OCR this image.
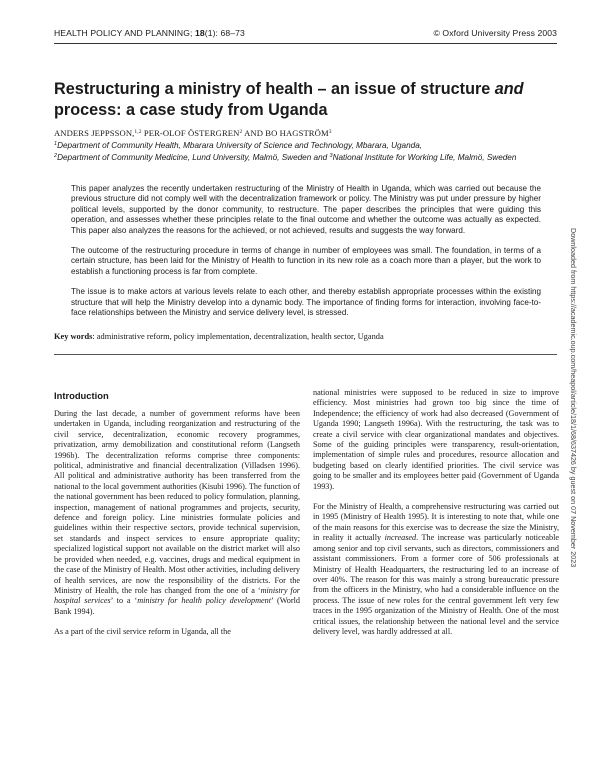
HEALTH POLICY AND PLANNING; 18(1): 68–73	© Oxford University Press 2003
Restructuring a ministry of health – an issue of structure and
process: a case study from Uganda
ANDERS JEPPSSON,$^{1,2}$ PER-OLOF ÖSTERGREN$^2$ AND BO HAGSTRÖM$^3$
$^1$Department of Community Health, Mbarara University of Science and Technology, Mbarara, Uganda,
$^2$Department of Community Medicine, Lund University, Malmö, Sweden and $^3$National Institute for Working Life, Malmö, Sweden

This paper analyzes the recently undertaken restructuring of the Ministry of Health in Uganda, which was carried out because the previous structure did not comply well with the decentralization framework or policy. The Ministry was put under pressure by higher political levels, supported by the donor community, to restructure. The paper describes the principles that were guiding this operation, and assesses whether these principles relate to the final outcome and whether the outcome was actually as expected. This paper also analyzes the reasons for the achieved, or not achieved, results and suggests the way forward.

The outcome of the restructuring procedure in terms of change in number of employees was small. The foundation, in terms of a certain structure, has been laid for the Ministry of Health to function in its new role as a coach more than a player, but the work to establish a functioning process is far from complete.

The issue is to make actors at various levels relate to each other, and thereby establish appropriate processes within the existing structure that will help the Ministry develop into a dynamic body. The importance of finding forms for interaction, involving face-to-face relationships between the Ministry and service delivery level, is stressed.

Key words: administrative reform, policy implementation, decentralization, health sector, Uganda
Introduction

During the last decade, a number of government reforms have been undertaken in Uganda, including reorganization and restructuring of the civil service, decentralization, economic recovery programmes, privatization, army demobilization and constitutional reform (Langseth 1996b). The decentralization reforms comprise three components: political, administrative and financial decentralization (Villadsen 1996). All political and administrative authority has been transferred from the national to the local government authorities (Kisubi 1996). The function of the national government has been reduced to policy formulation, planning, inspection, management of national programmes and projects, security, defence and foreign policy. Line ministries formulate policies and guidelines within their respective sectors, provide technical supervision, set standards and inspect services to ensure appropriate quality; specialized logistical support not available on the district market will also be provided when needed, e.g. vaccines, drugs and medical equipment in the case of the Ministry of Health. Most other activities, including delivery of health services, are now the responsibility of the districts. For the Ministry of Health, the role has changed from the one of a ‘ministry for hospital services’ to a ‘ministry for health policy development’ (World Bank 1994).

As a part of the civil service reform in Uganda, all the

national ministries were supposed to be reduced in size to improve efficiency. Most ministries had grown too big since the time of Independence; the efficiency of work had also decreased (Government of Uganda 1990; Langseth 1996a). With the restructuring, the task was to create a civil service with clear organizational mandates and objectives. Some of the guiding principles were transparency, result-orientation, implementation of simple rules and procedures, resource allocation and budgeting based on clearly identified priorities. The civil service was going to be smaller and its employees better paid (Government of Uganda 1993).

For the Ministry of Health, a comprehensive restructuring was carried out in 1995 (Ministry of Health 1995). It is interesting to note that, while one of the main reasons for this exercise was to decrease the size the Ministry, in reality it actually increased. The increase was particularly noticeable among senior and top civil servants, such as directors, commissioners and assistant commissioners. From a former core of 506 professionals at Ministry of Health Headquarters, the restructuring led to an increase of over 40%. The reason for this was mainly a strong bureaucratic pressure from the officers in the Ministry, who had a considerable influence on the process. The issue of new roles for the central government left very few traces in the 1995 organization of the Ministry of Health. One of the most critical issues, the relationship between the national level and the service delivery level, was hardly addressed at all.

Downloaded from https://academic.oup.com/heapol/article/18/1/68/637426 by guest on 07 November 2023
